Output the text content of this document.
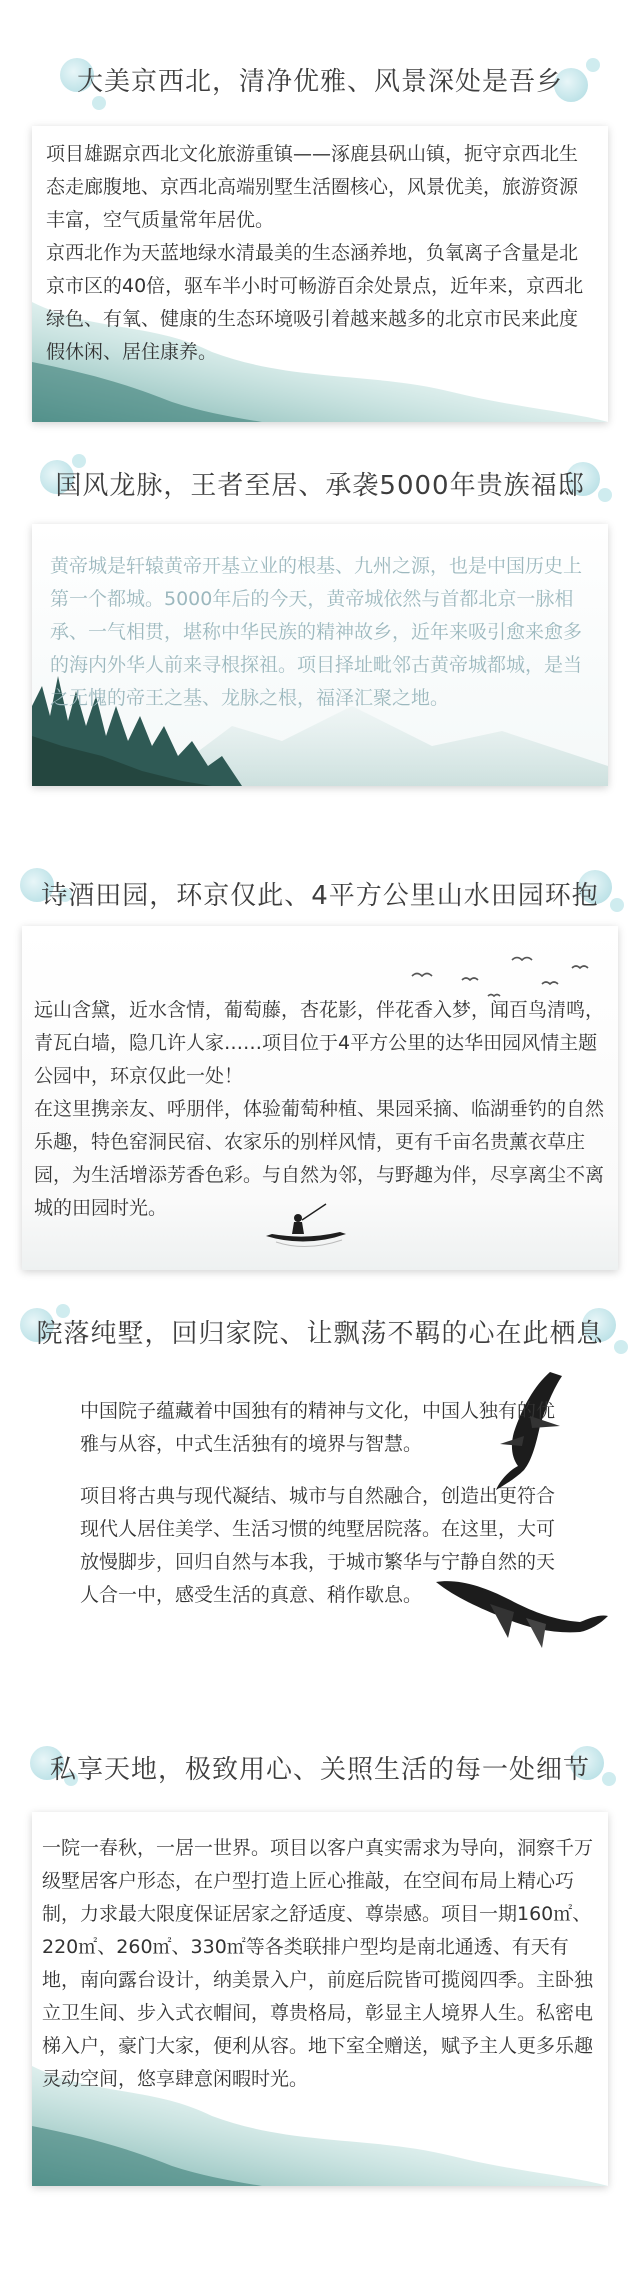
大美京西北，清净优雅、风景深处是吾乡

项目雄踞京西北文化旅游重镇——涿鹿县矾山镇，扼守京西北生态走廊腹地、京西北高端别墅生活圈核心，风景优美，旅游资源丰富，空气质量常年居优。

京西北作为天蓝地绿水清最美的生态涵养地，负氧离子含量是北京市区的40倍，驱车半小时可畅游百余处景点，近年来，京西北绿色、有氧、健康的生态环境吸引着越来越多的北京市民来此度假休闲、居住康养。

国风龙脉，王者至居、承袭5000年贵族福邸

黄帝城是轩辕黄帝开基立业的根基、九州之源，也是中国历史上第一个都城。5000年后的今天，黄帝城依然与首都北京一脉相承、一气相贯，堪称中华民族的精神故乡，近年来吸引愈来愈多的海内外华人前来寻根探祖。项目择址毗邻古黄帝城都城，是当之无愧的帝王之基、龙脉之根，福泽汇聚之地。

诗酒田园，环京仅此、4平方公里山水田园环抱

远山含黛，近水含情，葡萄藤，杏花影，伴花香入梦，闻百鸟清鸣，青瓦白墙，隐几许人家……项目位于4平方公里的达华田园风情主题公园中，环京仅此一处！

在这里携亲友、呼朋伴，体验葡萄种植、果园采摘、临湖垂钓的自然乐趣，特色窑洞民宿、农家乐的别样风情，更有千亩名贵薰衣草庄园，为生活增添芳香色彩。与自然为邻，与野趣为伴，尽享离尘不离城的田园时光。

院落纯墅，回归家院、让飘荡不羁的心在此栖息

中国院子蕴藏着中国独有的精神与文化，中国人独有的优雅与从容，中式生活独有的境界与智慧。

项目将古典与现代凝结、城市与自然融合，创造出更符合现代人居住美学、生活习惯的纯墅居院落。在这里，大可放慢脚步，回归自然与本我，于城市繁华与宁静自然的天人合一中，感受生活的真意、稍作歇息。

私享天地，极致用心、关照生活的每一处细节

一院一春秋，一居一世界。项目以客户真实需求为导向，洞察千万级墅居客户形态，在户型打造上匠心推敲，在空间布局上精心巧制，力求最大限度保证居家之舒适度、尊崇感。项目一期160㎡、220㎡、260㎡、330㎡等各类联排户型均是南北通透、有天有地，南向露台设计，纳美景入户，前庭后院皆可揽阅四季。主卧独立卫生间、步入式衣帽间，尊贵格局，彰显主人境界人生。私密电梯入户，豪门大家，便利从容。地下室全赠送，赋予主人更多乐趣灵动空间，悠享肆意闲暇时光。
